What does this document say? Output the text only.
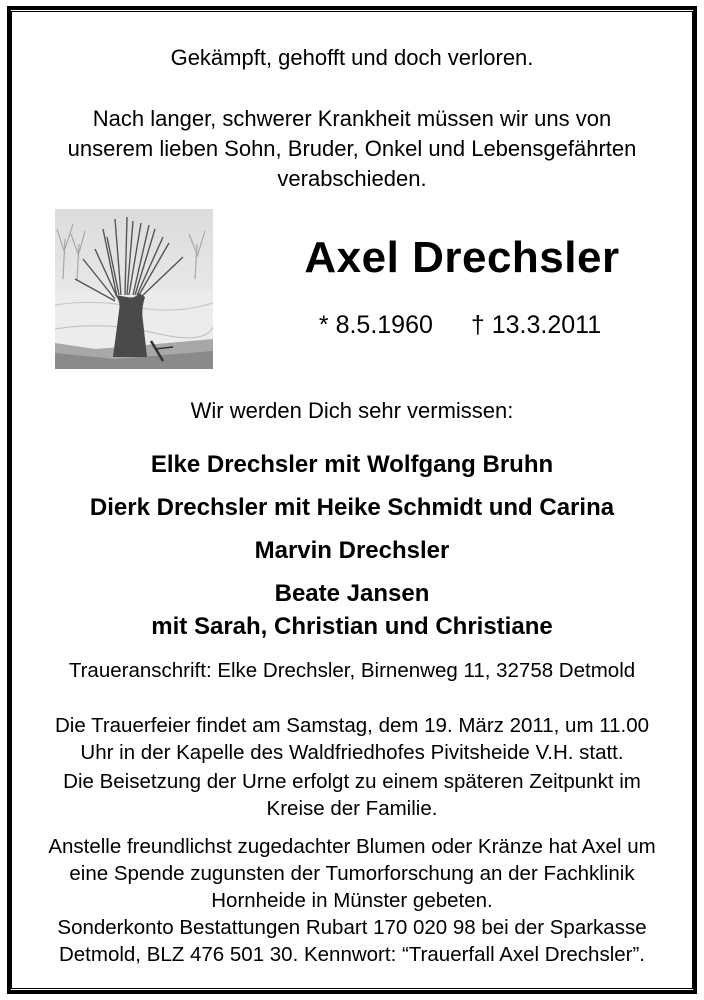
Gekämpft, gehofft und doch verloren.
Nach langer, schwerer Krankheit müssen wir uns von
unserem lieben Sohn, Bruder, Onkel und Lebensgefährten
verabschieden.
Axel Drechsler
* 8.5.1960 † 13.3.2011
Wir werden Dich sehr vermissen:
Elke Drechsler mit Wolfgang Bruhn
Dierk Drechsler mit Heike Schmidt und Carina
Marvin Drechsler
Beate Jansen
mit Sarah, Christian und Christiane
Traueranschrift: Elke Drechsler, Birnenweg 11, 32758 Detmold
Die Trauerfeier findet am Samstag, dem 19. März 2011, um 11.00
Uhr in der Kapelle des Waldfriedhofes Pivitsheide V.H. statt.
Die Beisetzung der Urne erfolgt zu einem späteren Zeitpunkt im
Kreise der Familie.
Anstelle freundlichst zugedachter Blumen oder Kränze hat Axel um
eine Spende zugunsten der Tumorforschung an der Fachklinik
Hornheide in Münster gebeten.
Sonderkonto Bestattungen Rubart 170 020 98 bei der Sparkasse
Detmold, BLZ 476 501 30. Kennwort: “Trauerfall Axel Drechsler”.
